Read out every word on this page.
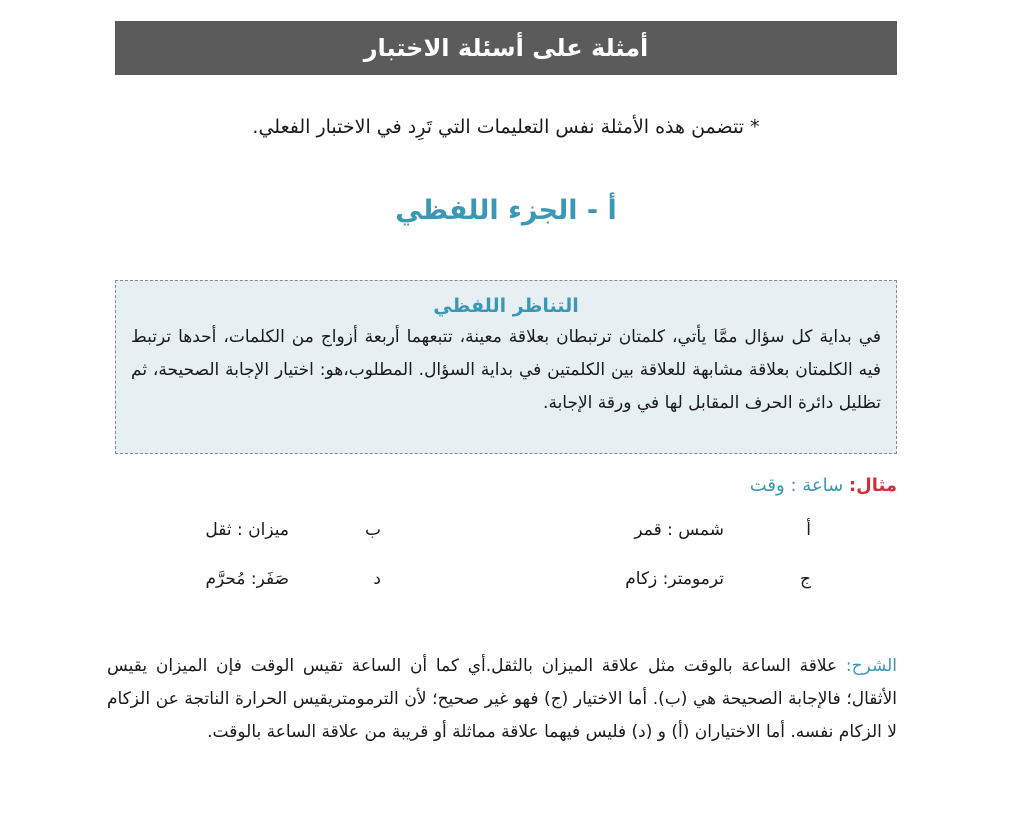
أمثلة على أسئلة الاختبار

* تتضمن هذه الأمثلة نفس التعليمات التي تَرِد في الاختبار الفعلي.

أ - الجزء اللفظي
التناظر اللفظي

في بداية كل سؤال ممَّا يأتي، كلمتان ترتبطان بعلاقة معينة، تتبعهما أربعة أزواج من الكلمات، أحدها ترتبط فيه الكلمتان بعلاقة مشابهة للعلاقة بين الكلمتين في بداية السؤال. المطلوب،هو: اختيار الإجابة الصحيحة، ثم تظليل دائرة الحرف المقابل لها في ورقة الإجابة.

مثال: ساعة : وقت
أ
شمس : قمر
ب
ميزان : ثقل
ج
ترمومتر: زكام
د
صَفَر: مُحرَّم

الشرح: علاقة الساعة بالوقت مثل علاقة الميزان بالثقل.أي كما أن الساعة تقيس الوقت فإن الميزان يقيس الأثقال؛ فالإجابة الصحيحة هي (ب). أما الاختيار (ج) فهو غير صحيح؛ لأن الترمومتريقيس الحرارة الناتجة عن الزكام لا الزكام نفسه. أما الاختياران (أ) و (د) فليس فيهما علاقة مماثلة أو قريبة من علاقة الساعة بالوقت.
